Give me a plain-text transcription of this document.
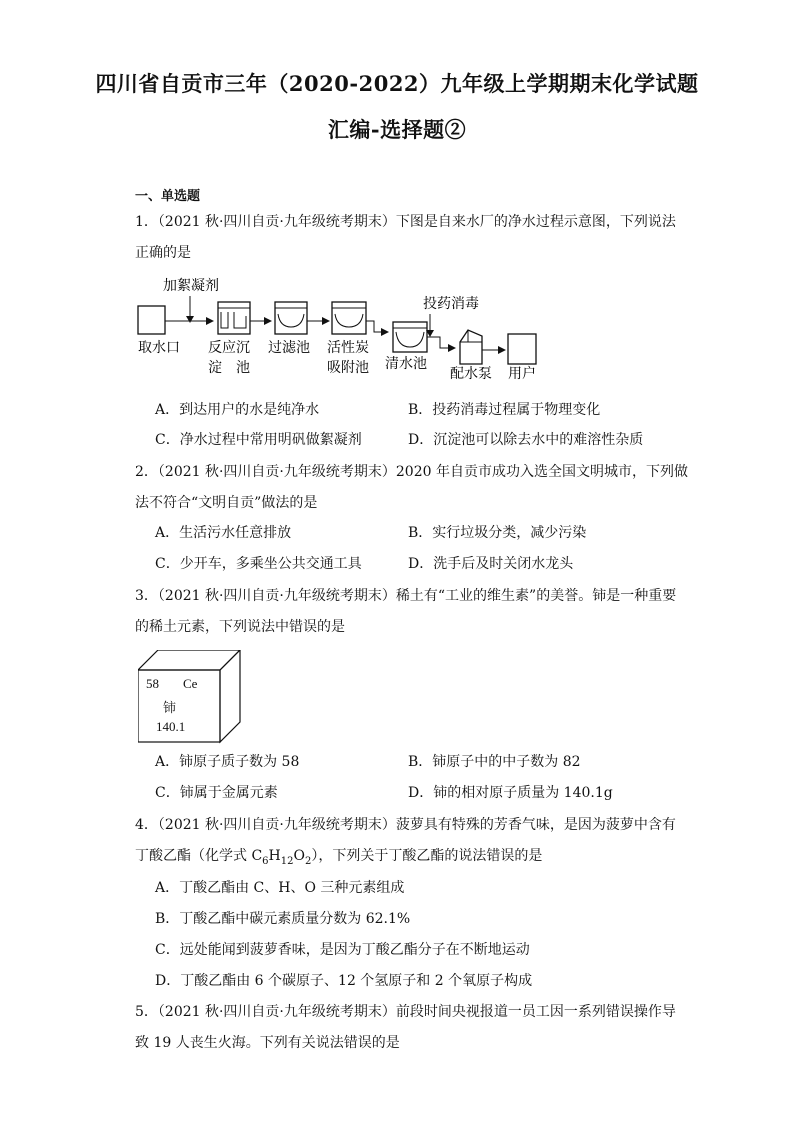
四川省自贡市三年（2020-2022）九年级上学期期末化学试题
汇编-选择题②
一、单选题
1．（2021 秋·四川自贡·九年级统考期末）下图是自来水厂的净水过程示意图，下列说法
正确的是
加絮凝剂
投药消毒
取水口 反应沉
淀　池
过滤池 活性炭
吸附池 清水池
配水泵 用户
A．到达用户的水是纯净水	B．投药消毒过程属于物理变化
C．净水过程中常用明矾做絮凝剂	D．沉淀池可以除去水中的难溶性杂质
2．（2021 秋·四川自贡·九年级统考期末）2020 年自贡市成功入选全国文明城市，下列做
法不符合“文明自贡”做法的是
A．生活污水任意排放	B．实行垃圾分类，减少污染
C．少开车，多乘坐公共交通工具	D．洗手后及时关闭水龙头
3．（2021 秋·四川自贡·九年级统考期末）稀土有“工业的维生素”的美誉。铈是一种重要
的稀土元素，下列说法中错误的是
58 Ce
铈
140.1
A．铈原子质子数为 58	B．铈原子中的中子数为 82
C．铈属于金属元素	D．铈的相对原子质量为 140.1g
4．（2021 秋·四川自贡·九年级统考期末）菠萝具有特殊的芳香气味，是因为菠萝中含有
丁酸乙酯（化学式 $C_6H_{12}O_2$），下列关于丁酸乙酯的说法错误的是
A．丁酸乙酯由 C、H、O 三种元素组成
B．丁酸乙酯中碳元素质量分数为 62.1%
C．远处能闻到菠萝香味，是因为丁酸乙酯分子在不断地运动
D．丁酸乙酯由 6 个碳原子、12 个氢原子和 2 个氧原子构成
5．（2021 秋·四川自贡·九年级统考期末）前段时间央视报道一员工因一系列错误操作导
致 19 人丧生火海。下列有关说法错误的是
